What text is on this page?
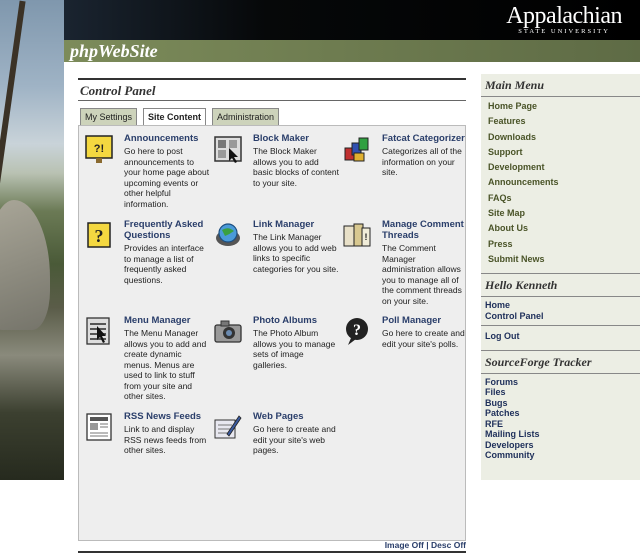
Appalachian
STATE UNIVERSITY
phpWebSite
Control Panel
My Settings	Site Content	Administration
?!
Announcements
Go here to post announcements to your home page about upcoming events or other helpful information.
Block Maker
The Block Maker allows you to add basic blocks of content to your site.
Fatcat Categorizer
Categorizes all of the information on your site.
?
Frequently Asked Questions
Provides an interface to manage a list of frequently asked questions.
Link Manager
The Link Manager allows you to add web links to specific categories for you site.
!
Manage Comment Threads
The Comment Manager administration allows you to manage all of the comment threads on your site.
Menu Manager
The Menu Manager allows you to add and create dynamic menus. Menus are used to link to stuff from your site and other sites.
Photo Albums
The Photo Album allows you to manage sets of image galleries.
?
Poll Manager
Go here to create and edit your site's polls.
RSS News Feeds
Link to and display RSS news feeds from other sites.
Web Pages
Go here to create and edit your site's web pages.
Image Off | Desc Off
Main Menu
Home Page
Features
Downloads
Support
Development
Announcements
FAQs
Site Map
About Us
Press
Submit News
Hello Kenneth
Home
Control Panel
Log Out
SourceForge Tracker
Forums
Files
Bugs
Patches
RFE
Mailing Lists
Developers
Community
